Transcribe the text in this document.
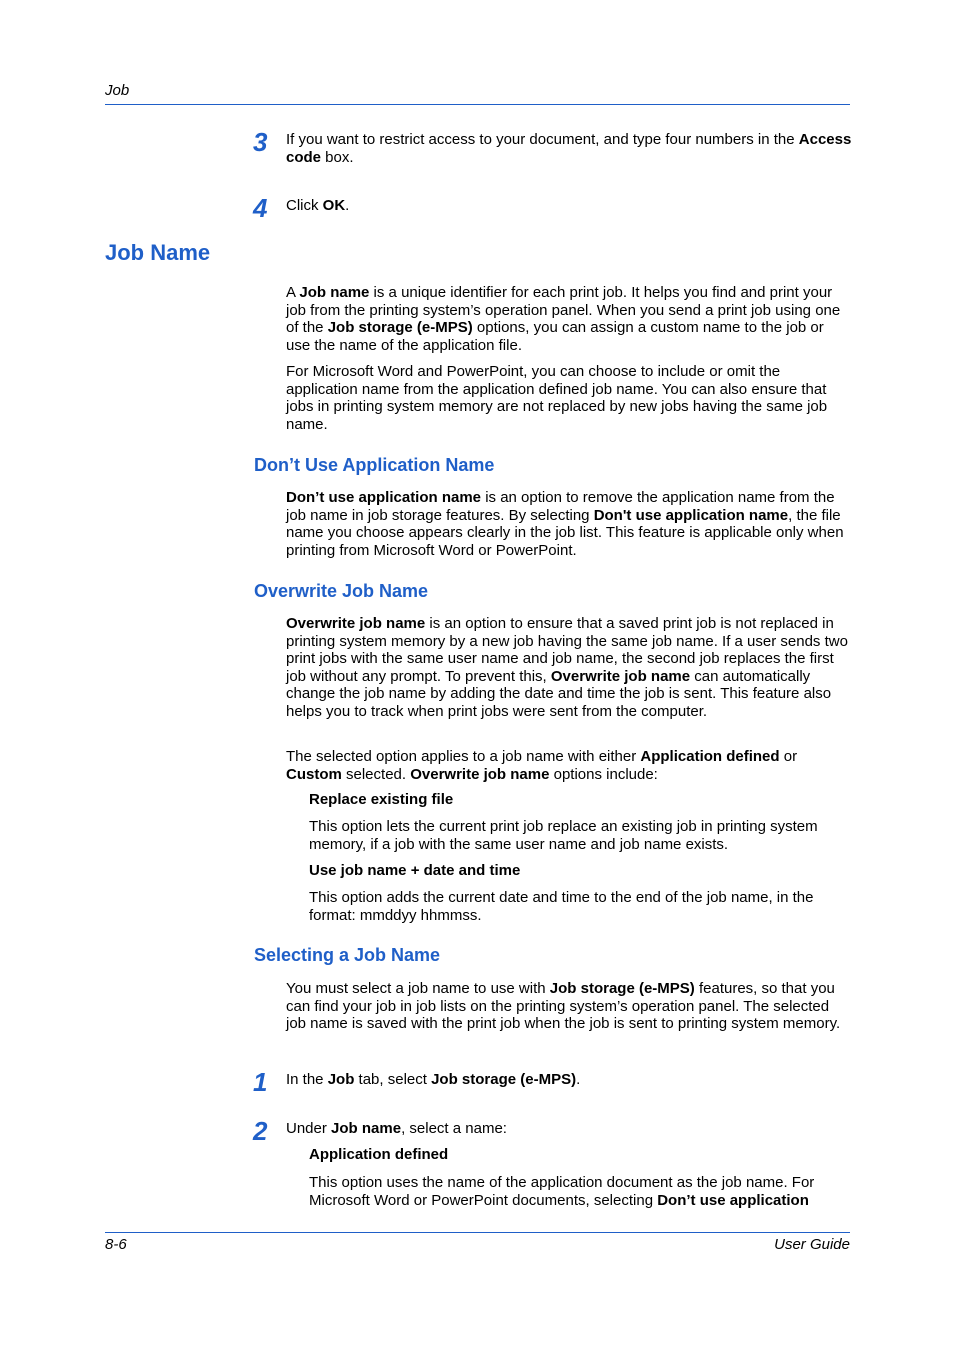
Job
3	If you want to restrict access to your document, and type four numbers in the Access code box.

4	Click OK.

Job Name

A Job name is a unique identifier for each print job. It helps you find and print your job from the printing system’s operation panel. When you send a print job using one of the Job storage (e-MPS) options, you can assign a custom name to the job or use the name of the application file.

For Microsoft Word and PowerPoint, you can choose to include or omit the application name from the application defined job name. You can also ensure that jobs in printing system memory are not replaced by new jobs having the same job name.

Don’t Use Application Name

Don’t use application name is an option to remove the application name from the job name in job storage features. By selecting Don't use application name, the file name you choose appears clearly in the job list. This feature is applicable only when printing from Microsoft Word or PowerPoint.

Overwrite Job Name

Overwrite job name is an option to ensure that a saved print job is not replaced in printing system memory by a new job having the same job name. If a user sends two print jobs with the same user name and job name, the second job replaces the first job without any prompt. To prevent this, Overwrite job name can automatically change the job name by adding the date and time the job is sent. This feature also helps you to track when print jobs were sent from the computer.

The selected option applies to a job name with either Application defined or Custom selected. Overwrite job name options include:

Replace existing file

This option lets the current print job replace an existing job in printing system memory, if a job with the same user name and job name exists.

Use job name + date and time

This option adds the current date and time to the end of the job name, in the format: mmddyy hhmmss.

Selecting a Job Name

You must select a job name to use with Job storage (e-MPS) features, so that you can find your job in job lists on the printing system’s operation panel. The selected job name is saved with the print job when the job is sent to printing system memory.

1	In the Job tab, select Job storage (e-MPS).

2	Under Job name, select a name:

Application defined

This option uses the name of the application document as the job name. For Microsoft Word or PowerPoint documents, selecting Don’t use application

8-6	User Guide
